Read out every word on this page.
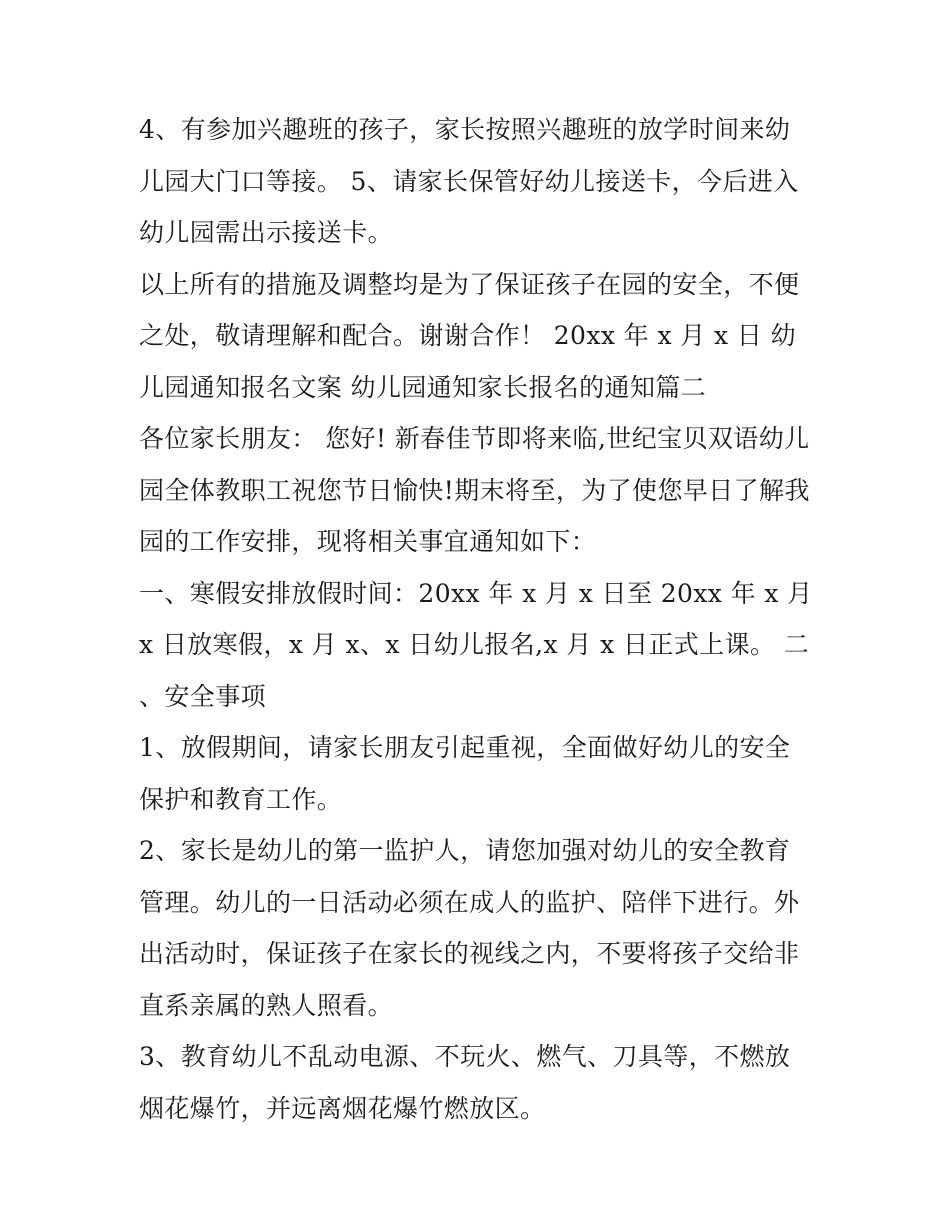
4、有参加兴趣班的孩子，家长按照兴趣班的放学时间来幼儿园大门口等接。 5、请家长保管好幼儿接送卡，今后进入幼儿园需出示接送卡。

以上所有的措施及调整均是为了保证孩子在园的安全，不便之处，敬请理解和配合。谢谢合作！ 20xx 年 x 月 x 日 幼儿园通知报名文案 幼儿园通知家长报名的通知篇二

各位家长朋友： 您好! 新春佳节即将来临,世纪宝贝双语幼儿园全体教职工祝您节日愉快!期末将至，为了使您早日了解我园的工作安排，现将相关事宜通知如下：

一、寒假安排放假时间：20xx 年 x 月 x 日至 20xx 年 x 月 x 日放寒假，x 月 x、x 日幼儿报名,x 月 x 日正式上课。 二、安全事项

1、放假期间，请家长朋友引起重视，全面做好幼儿的安全保护和教育工作。

2、家长是幼儿的第一监护人，请您加强对幼儿的安全教育管理。幼儿的一日活动必须在成人的监护、陪伴下进行。外出活动时，保证孩子在家长的视线之内，不要将孩子交给非直系亲属的熟人照看。

3、教育幼儿不乱动电源、不玩火、燃气、刀具等，不燃放烟花爆竹，并远离烟花爆竹燃放区。
